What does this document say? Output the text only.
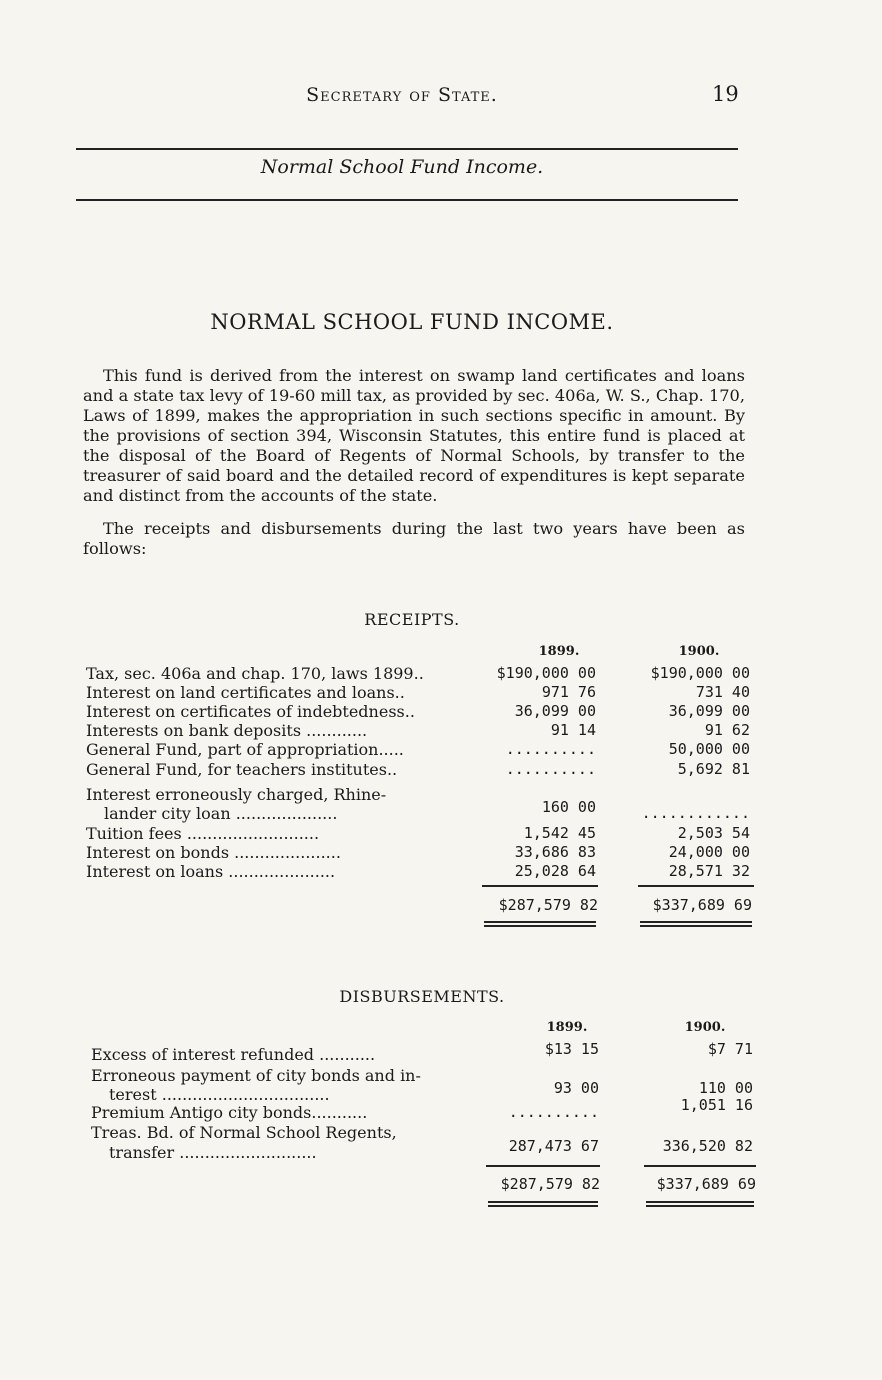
Secretary of State.	19
Normal School Fund Income.
NORMAL SCHOOL FUND INCOME.
This fund is derived from the interest on swamp land certificates and loans and a state tax levy of 19-60 mill tax, as provided by sec. 406a, W. S., Chap. 170, Laws of 1899, makes the appropriation in such sections specific in amount. By the provisions of section 394, Wisconsin Statutes, this entire fund is placed at the disposal of the Board of Regents of Normal Schools, by transfer to the treasurer of said board and the detailed record of expenditures is kept separate and distinct from the accounts of the state.
The receipts and disbursements during the last two years have been as follows:
RECEIPTS.
1899.	1900.
Tax, sec. 406a and chap. 170, laws 1899..	$190,000 00	$190,000 00
Interest on land certificates and loans..	971 76	731 40
Interest on certificates of indebtedness..	36,099 00	36,099 00
Interests on bank deposits ............	91 14	91 62
General Fund, part of appropriation.....	..........	50,000 00
General Fund, for teachers institutes..	..........	5,692 81
Interest erroneously charged, Rhine-
lander city loan ....................	160 00	............
Tuition fees ..........................	1,542 45	2,503 54
Interest on bonds .....................	33,686 83	24,000 00
Interest on loans .....................	25,028 64	28,571 32
$287,579 82	$337,689 69
DISBURSEMENTS.
1899.	1900.
Excess of interest refunded ...........	$13 15	$7 71
Erroneous payment of city bonds and in-
terest .................................	93 00	110 00
Premium Antigo city bonds...........	..........	1,051 16
Treas. Bd. of Normal School Regents,
transfer ...........................	287,473 67	336,520 82
$287,579 82	$337,689 69
